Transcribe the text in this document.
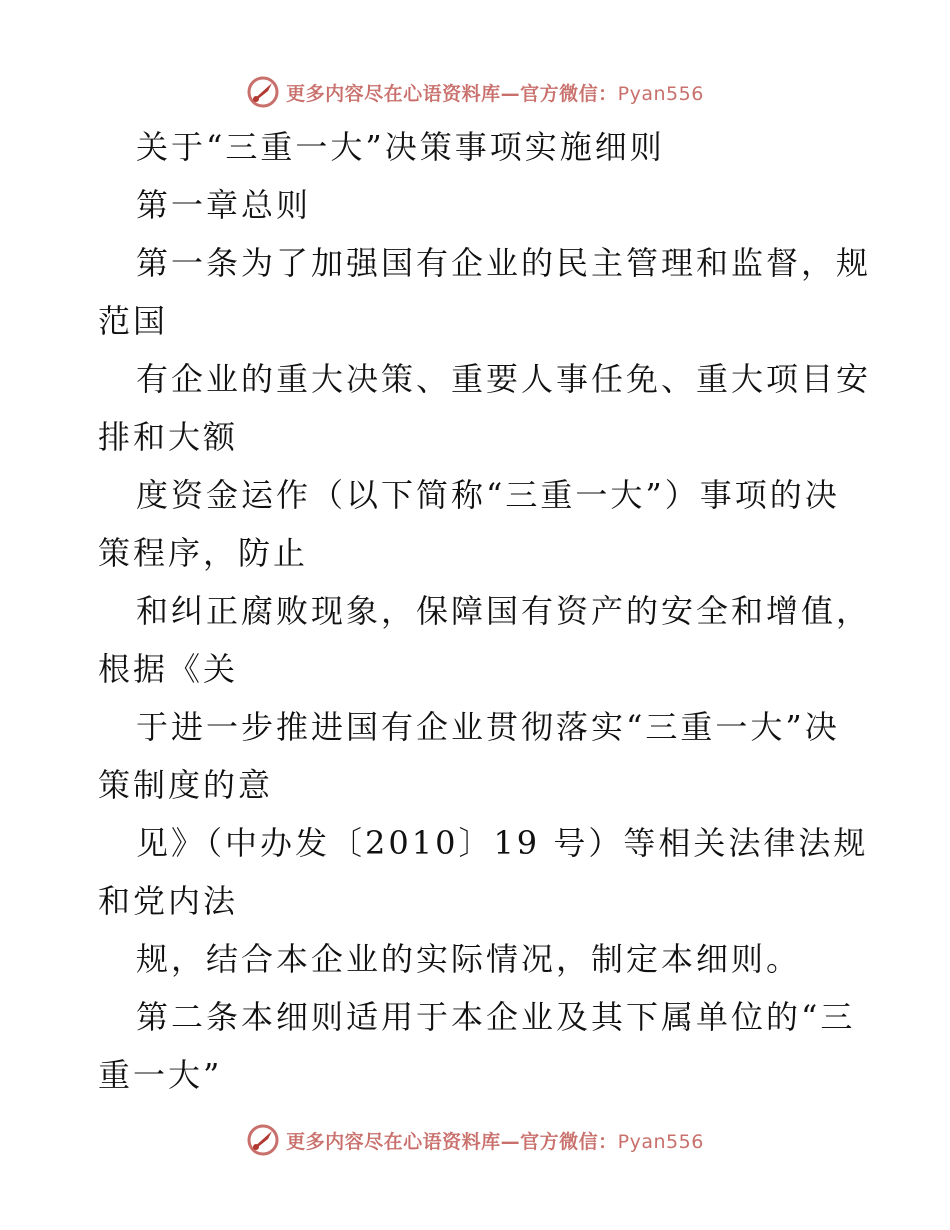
更多内容尽在心语资料库—官方微信：Pyan556
关于“三重一大”决策事项实施细则
第一章总则
第一条为了加强国有企业的民主管理和监督，规
范国
有企业的重大决策、重要人事任免、重大项目安
排和大额
度资金运作（以下简称“三重一大”）事项的决
策程序，防止
和纠正腐败现象，保障国有资产的安全和增值，
根据《关
于进一步推进国有企业贯彻落实“三重一大”决
策制度的意
见》（中办发〔2010〕19 号）等相关法律法规
和党内法
规，结合本企业的实际情况，制定本细则。
第二条本细则适用于本企业及其下属单位的“三
重一大”
更多内容尽在心语资料库—官方微信：Pyan556
